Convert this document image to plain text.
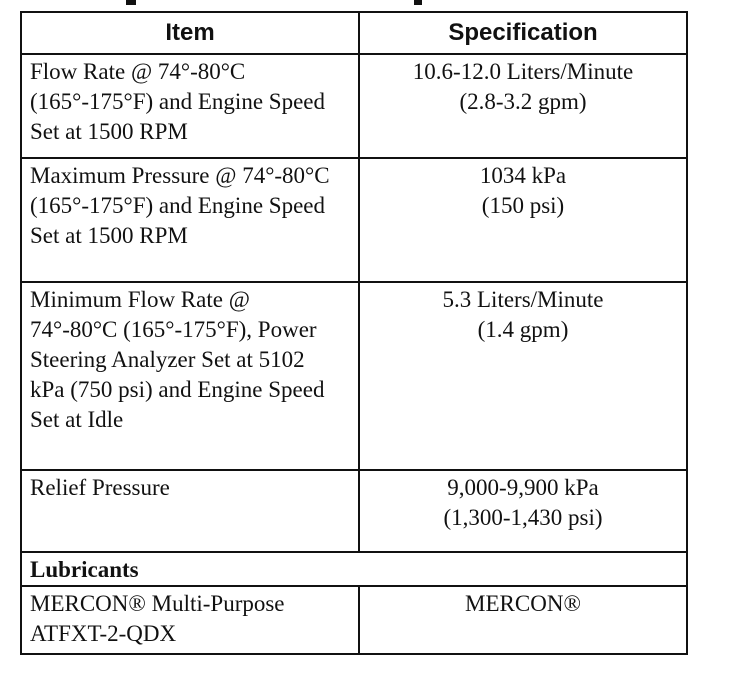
Item	Specification

Flow Rate @ 74°-80°C (165°-175°F) and Engine Speed Set at 1500 RPM	10.6-12.0 Liters/Minute
(2.8-3.2 gpm)

Maximum Pressure @ 74°-80°C (165°-175°F) and Engine Speed Set at 1500 RPM	1034 kPa
(150 psi)

Minimum Flow Rate @ 74°-80°C (165°-175°F), Power Steering Analyzer Set at 5102 kPa (750 psi) and Engine Speed Set at Idle	5.3 Liters/Minute
(1.4 gpm)

Relief Pressure	9,000-9,900 kPa
(1,300-1,430 psi)

Lubricants	

MERCON® Multi-Purpose ATFXT-2-QDX	MERCON®
